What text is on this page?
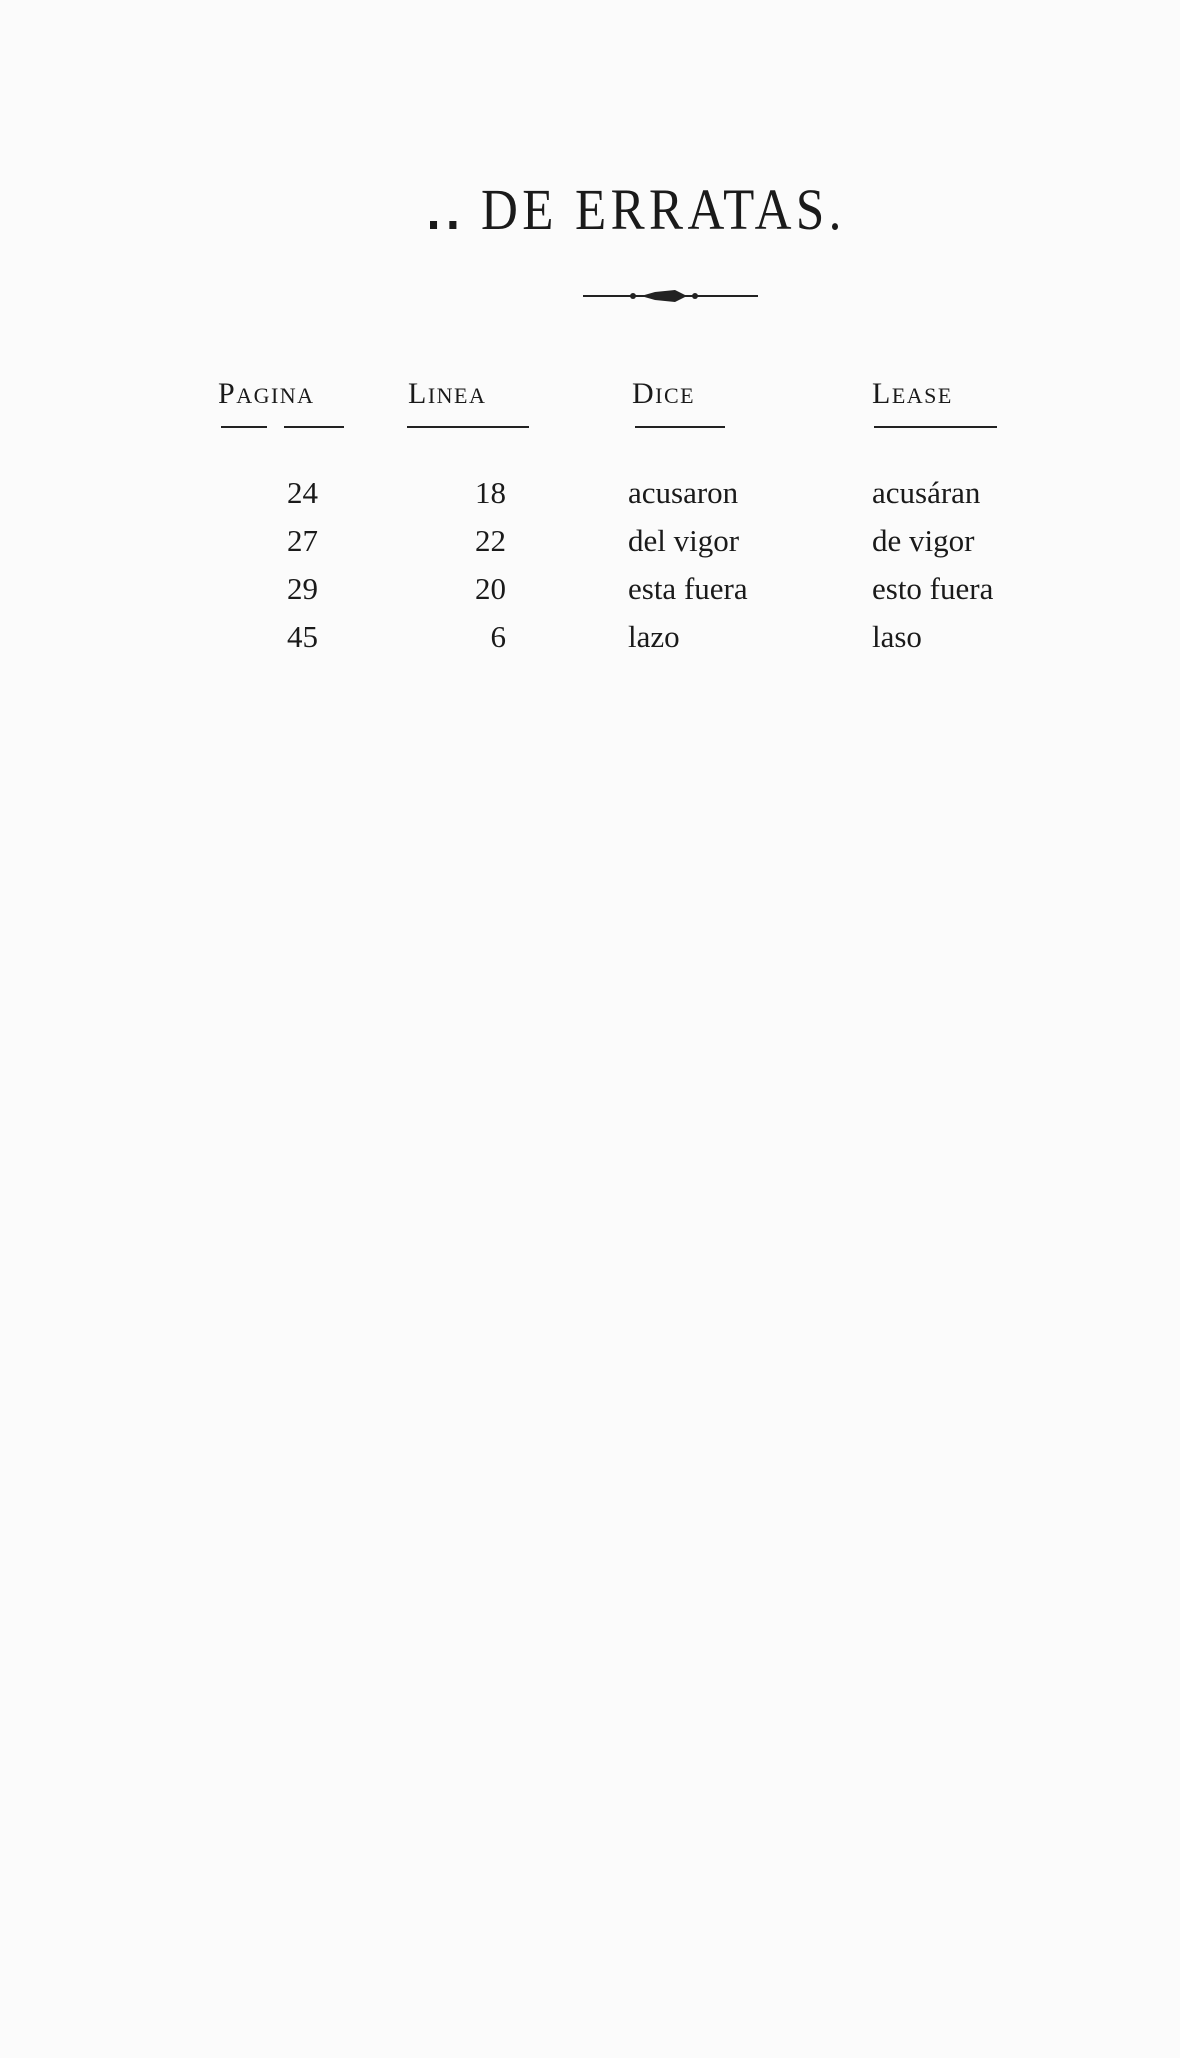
DE ERRATAS.
PAGINA	LINEA	DICE	LEASE
24	18	acusaron	acusáran
27	22	del vigor	de vigor
29	20	esta fuera	esto fuera
45	6	lazo	laso
